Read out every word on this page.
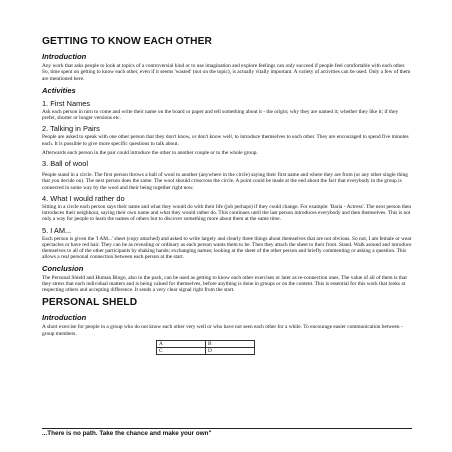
GETTING TO KNOW EACH OTHER
Introduction

Any work that asks people to look at topics of a controversial kind or to use imagination and explore feelings can only succeed if people feel comfortable with each other. So, time spent on getting to know each other, even if it seems 'wasted' (not on the topic), is actually vitally important. A variety of activities can be used. Only a few of them are mentioned here.

Activities
1. First Names

Ask each person in turn to come and write their name on the board or paper and tell something about it - the origin; why they are named it; whether they like it; if they prefer, shorter or longer versions etc.

2. Talking in Pairs

People are asked to speak with one other person that they don't know, or don't know well, to introduce themselves to each other. They are encouraged to spend five minutes each. It is possible to give more specific questions to talk about.

Afterwards each person in the pair could introduce the other to another couple or to the whole group.

3. Ball of wool

People stand in a circle. The first person throws a ball of wool to another (anywhere in the circle) saying their first name and where they are from (or any other single thing that you decide on). The next person does the same. The wool should crisscross the circle. A point could be made at the end about the fact that everybody in the group is connected in some way by the wool and their being together right now.

4. What I would rather do

Sitting in a circle each person says their name and what they would do with their life (job perhaps) if they could change. For example: 'Baria - Actress'. The next person then introduces their neighbour, saying their own name and what they would rather do. This continues until the last person introduces everybody and then themselves. This is not only a way for people to learn the names of others but to discover something more about them at the same time.

5. I AM...

Each person is given the 'I AM...' sheet (copy attached) and asked to write largely and clearly three things about themselves that are not obvious. So not, I am female or wear spectacles or have red hair. They can be as revealing or ordinary as each person wants them to be. Then they attach the sheet to their front. Stand. Walk around and introduce themselves to all of the other participants by shaking hands; exchanging names; looking at the sheet of the other person and briefly commenting or asking a question. This allows a real personal connection between each person at the start.

Conclusion

The Personal Shield and Human Bingo, also in the pack, can be used as getting to know each other exercises or later as re-connection ones. The value of all of them is that they stress that each individual matters and is being valued for themselves, before anything is done in groups or on the content. This is essential for this work that looks at respecting others and accepting difference. It sends a very clear signal right from the start.

PERSONAL SHELD
Introduction

A short exercise for people in a group who do not know each other very well or who have not seen each other for a while. To encourage easier communication between -group members.

A	B
C	D
...There is no path. Take the chance and make your own"
